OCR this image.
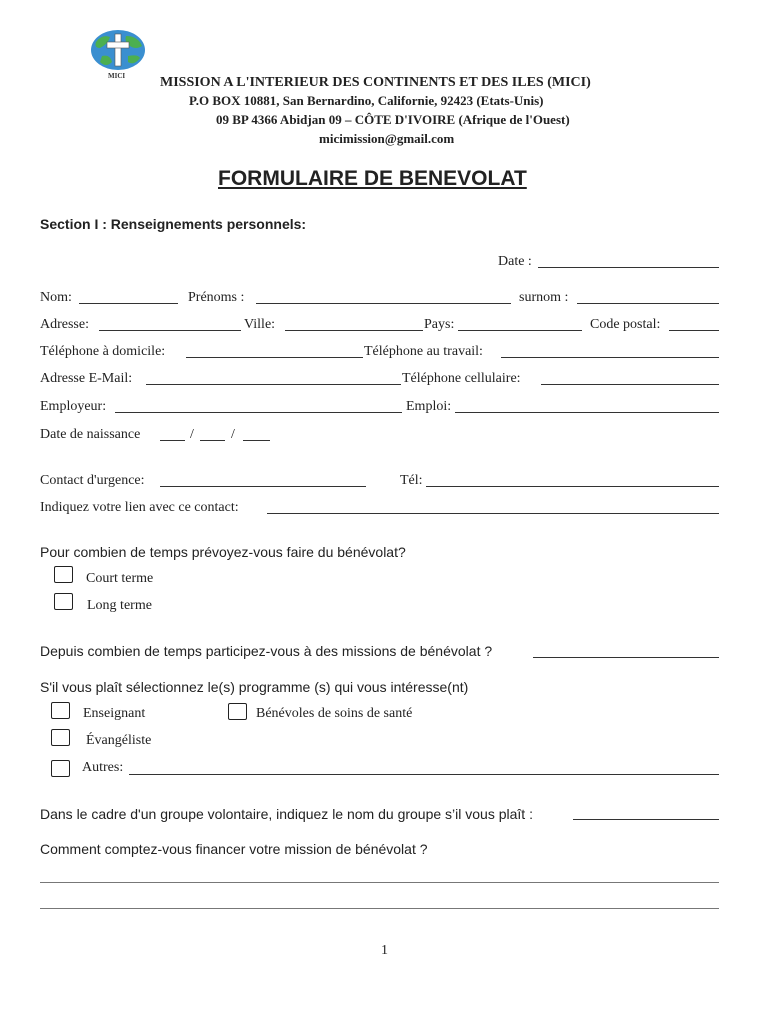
MICI MISSION A L'INTERIEUR DES CONTINENTS ET DES ILES (MICI)
P.O BOX 10881, San Bernardino, Californie, 92423 (Etats-Unis)
09 BP 4366 Abidjan 09 – CÔTE D'IVOIRE (Afrique de l'Ouest)
micimission@gmail.com
FORMULAIRE DE BENEVOLAT
Section I : Renseignements personnels:
Date :
Nom:	Prénoms :	surnom :
Adresse:	Ville:	Pays:	Code postal:
Téléphone à domicile:	Téléphone au travail:
Adresse E-Mail:	Téléphone cellulaire:
Employeur:	Emploi:
Date de naissance	/	/
Contact d'urgence:	Tél:
Indiquez votre lien avec ce contact:
Pour combien de temps prévoyez-vous faire du bénévolat?
Court terme
Long terme
Depuis combien de temps participez-vous à des missions de bénévolat ?
S'il vous plaît sélectionnez le(s) programme (s) qui vous intéresse(nt)
Enseignant	Bénévoles de soins de santé
Évangéliste
Autres:
Dans le cadre d'un groupe volontaire, indiquez le nom du groupe s’il vous plaît :
Comment comptez-vous financer votre mission de bénévolat ?
1
